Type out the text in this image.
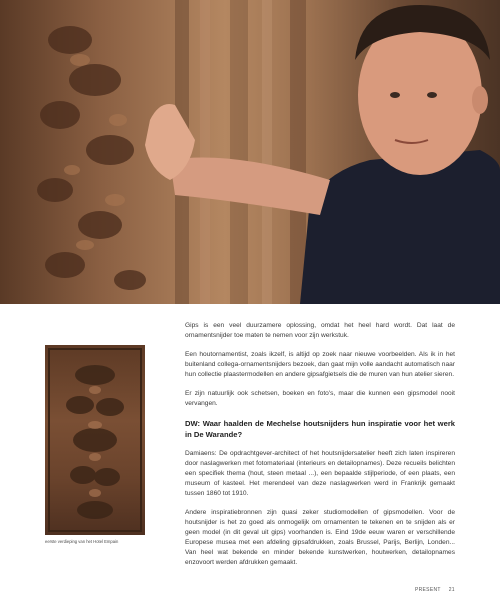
eerste verdieping van het Hotel Empain

Gips is een veel duurzamere oplossing, omdat het heel hard wordt. Dat laat de ornamentsnijder toe maten te nemen voor zijn werkstuk.

Een houtornamentist, zoals ikzelf, is altijd op zoek naar nieuwe voorbeelden. Als ik in het buitenland collega-ornamentsnijders bezoek, dan gaat mijn volle aandacht automatisch naar hun collectie plaastermodellen en andere gipsafgietsels die de muren van hun atelier sieren.

Er zijn natuurlijk ook schetsen, boeken en foto's, maar die kunnen een gipsmodel nooit vervangen.

DW: Waar haalden de Mechelse houtsnijders hun inspiratie voor het werk in De Warande?

Damiaens: De opdrachtgever-architect of het houtsnijdersatelier heeft zich laten inspireren door naslagwerken met fotomateriaal (interieurs en detailopnames). Deze recueils belichten een specifiek thema (hout, steen metaal ...), een bepaalde stijlperiode, of een plaats, een museum of kasteel. Het merendeel van deze naslagwerken werd in Frankrijk gemaakt tussen 1860 tot 1910.

Andere inspiratiebronnen zijn quasi zeker studiomodellen of gipsmodellen. Voor de houtsnijder is het zo goed als onmogelijk om ornamenten te tekenen en te snijden als er geen model (in dit geval uit gips) voorhanden is. Eind 19de eeuw waren er verschillende Europese musea met een afdeling gipsafdrukken, zoals Brussel, Parijs, Berlijn, Londen... Van heel wat bekende en minder bekende kunstwerken, houtwerken, detailopnames enzovoort werden afdrukken gemaakt.

PRESENT 21
